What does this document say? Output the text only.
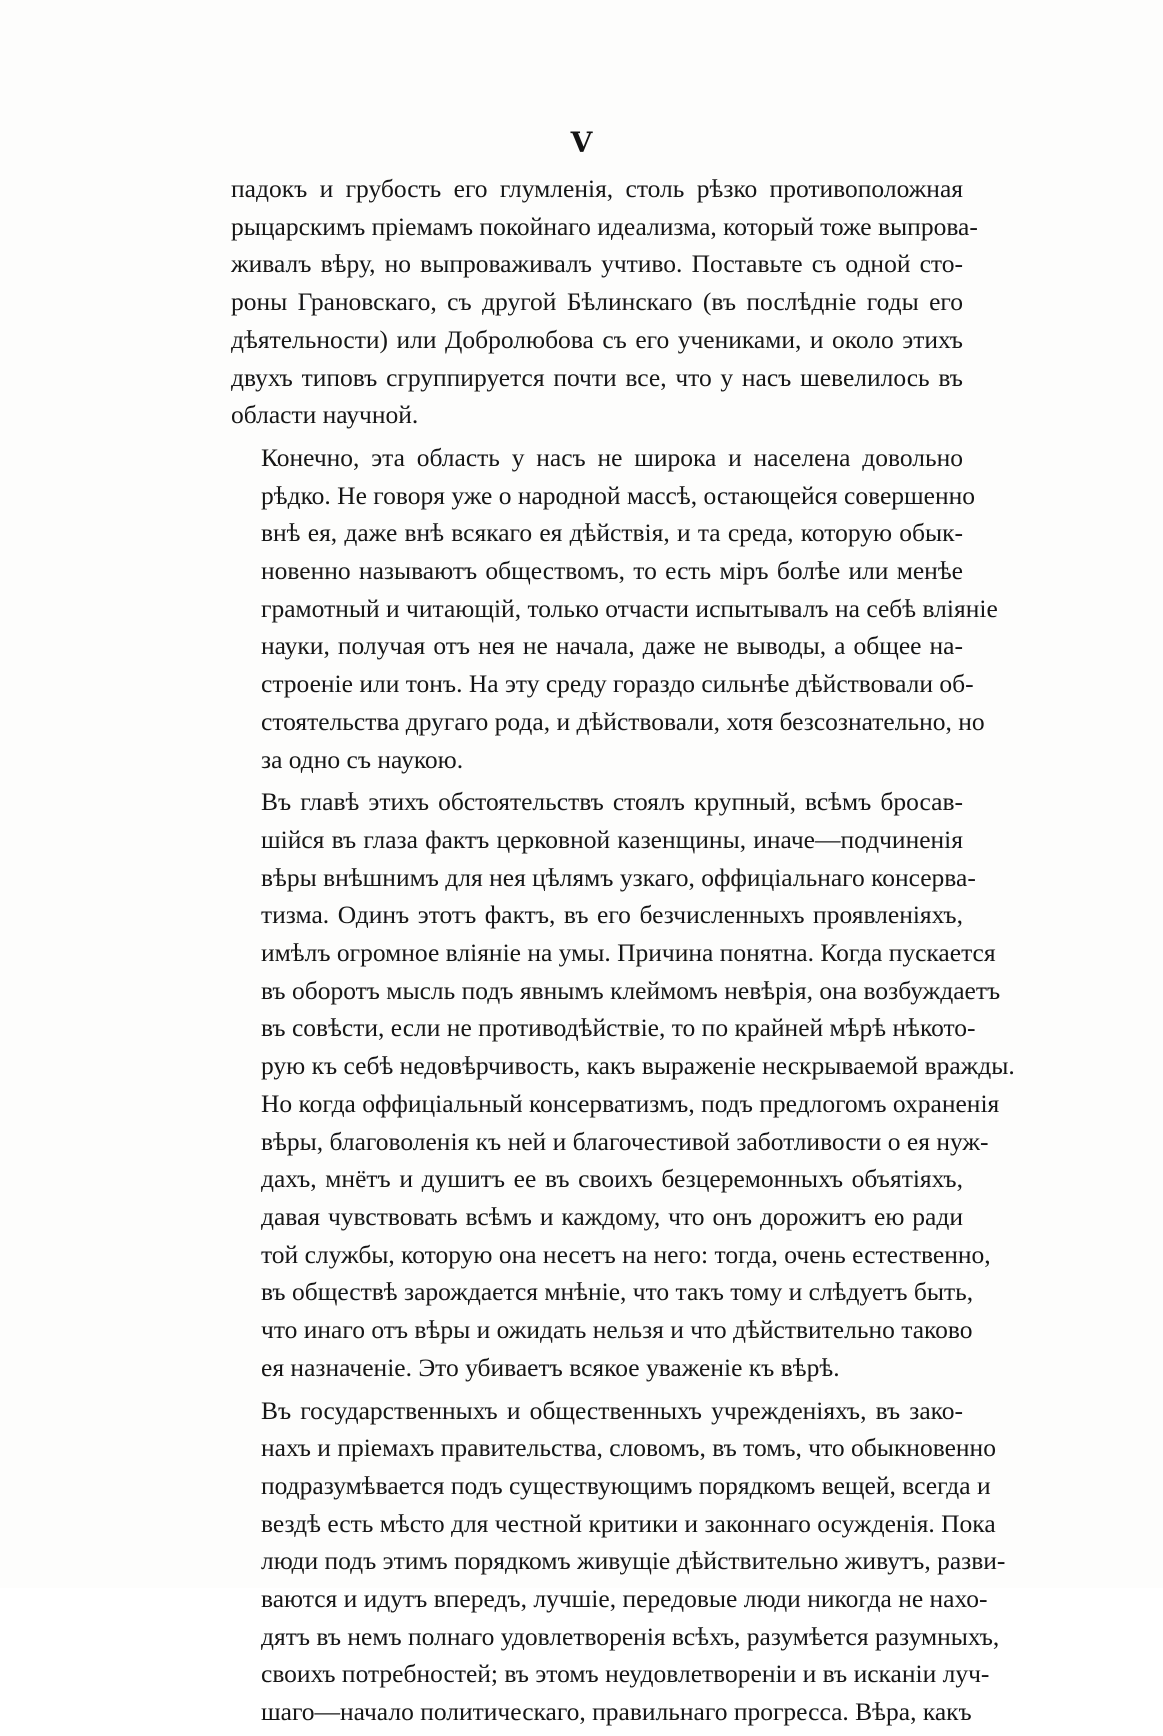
V

падокъ и грубость его глумленія, столь рѣзко противоположная
рыцарскимъ пріемамъ покойнаго идеализма, который тоже выпрова-
живалъ вѣру, но выпроваживалъ учтиво. Поставьте съ одной сто-
роны Грановскаго, съ другой Бѣлинскаго (въ послѣдніе годы его
дѣятельности) или Добролюбова съ его учениками, и около этихъ
двухъ типовъ сгруппируется почти все, что у насъ шевелилось въ
области научной.
Конечно, эта область у насъ не широка и населена довольно
рѣдко. Не говоря уже о народной массѣ, остающейся совершенно
внѣ ея, даже внѣ всякаго ея дѣйствія, и та среда, которую обык-
новенно называютъ обществомъ, то есть міръ болѣе или менѣе
грамотный и читающій, только отчасти испытывалъ на себѣ вліяніе
науки, получая отъ нея не начала, даже не выводы, а общее на-
строеніе или тонъ. На эту среду гораздо сильнѣе дѣйствовали об-
стоятельства другаго рода, и дѣйствовали, хотя безсознательно, но
за одно съ наукою.
Въ главѣ этихъ обстоятельствъ стоялъ крупный, всѣмъ бросав-
шійся въ глаза фактъ церковной казенщины, иначе—подчиненія
вѣры внѣшнимъ для нея цѣлямъ узкаго, оффиціальнаго консерва-
тизма. Одинъ этотъ фактъ, въ его безчисленныхъ проявленіяхъ,
имѣлъ огромное вліяніе на умы. Причина понятна. Когда пускается
въ оборотъ мысль подъ явнымъ клеймомъ невѣрія, она возбуждаетъ
въ совѣсти, если не противодѣйствіе, то по крайней мѣрѣ нѣкото-
рую къ себѣ недовѣрчивость, какъ выраженіе нескрываемой вражды.
Но когда оффиціальный консерватизмъ, подъ предлогомъ охраненія
вѣры, благоволенія къ ней и благочестивой заботливости о ея нуж-
дахъ, мнётъ и душитъ ее въ своихъ безцеремонныхъ объятіяхъ,
давая чувствовать всѣмъ и каждому, что онъ дорожитъ ею ради
той службы, которую она несетъ на него: тогда, очень естественно,
въ обществѣ зарождается мнѣніе, что такъ тому и слѣдуетъ быть,
что инаго отъ вѣры и ожидать нельзя и что дѣйствительно таково
ея назначеніе. Это убиваетъ всякое уваженіе къ вѣрѣ.
Въ государственныхъ и общественныхъ учрежденіяхъ, въ зако-
нахъ и пріемахъ правительства, словомъ, въ томъ, что обыкновенно
подразумѣвается подъ существующимъ порядкомъ вещей, всегда и
вездѣ есть мѣсто для честной критики и законнаго осужденія. Пока
люди подъ этимъ порядкомъ живущіе дѣйствительно живутъ, разви-
ваются и идутъ впередъ, лучшіе, передовые люди никогда не нахо-
дятъ въ немъ полнаго удовлетворенія всѣхъ, разумѣется разумныхъ,
своихъ потребностей; въ этомъ неудовлетвореніи и въ исканіи луч-
шаго—начало политическаго, правильнаго прогресса. Вѣра, какъ
